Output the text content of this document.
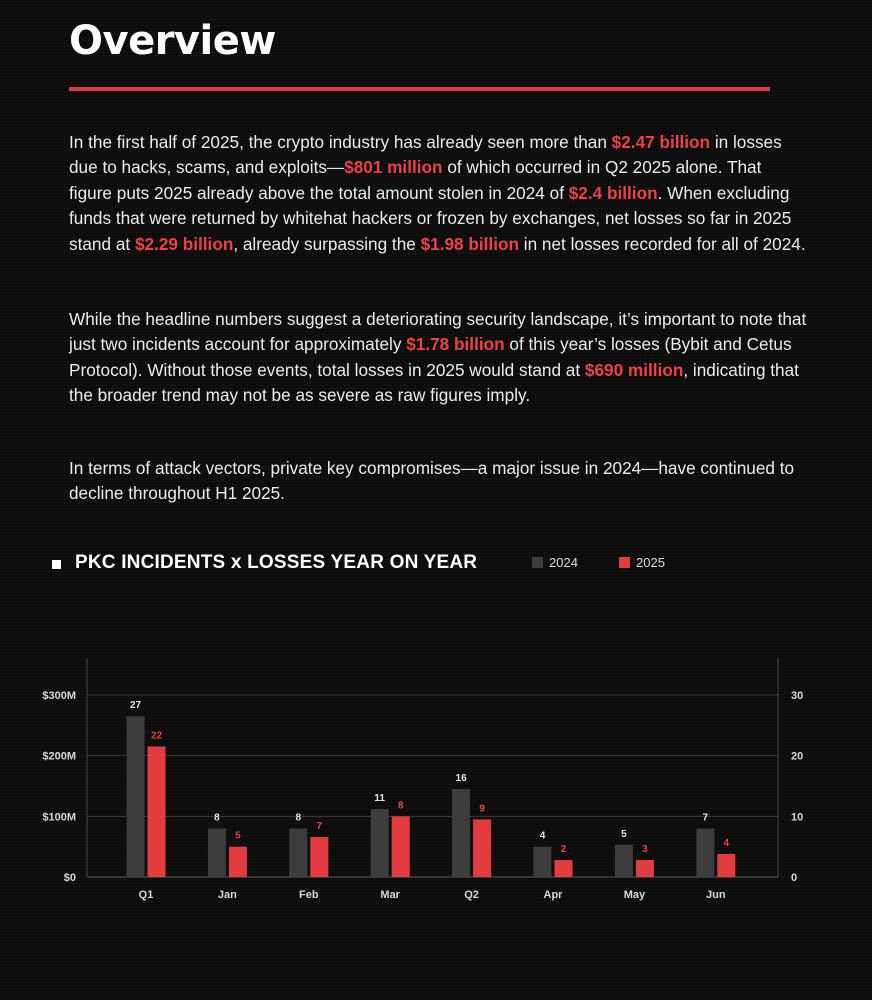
Overview

In the first half of 2025, the crypto industry has already seen more than $2.47 billion in losses due to hacks, scams, and exploits—$801 million of which occurred in Q2 2025 alone. That figure puts 2025 already above the total amount stolen in 2024 of $2.4 billion. When excluding funds that were returned by whitehat hackers or frozen by exchanges, net losses so far in 2025 stand at $2.29 billion, already surpassing the $1.98 billion in net losses recorded for all of 2024.

While the headline numbers suggest a deteriorating security landscape, it’s important to note that just two incidents account for approximately $1.78 billion of this year’s losses (Bybit and Cetus Protocol). Without those events, total losses in 2025 would stand at $690 million, indicating that the broader trend may not be as severe as raw figures imply.

In terms of attack vectors, private key compromises—a major issue in 2024—have continued to decline throughout H1 2025.

PKC INCIDENTS x LOSSES YEAR ON YEAR	2024	2025
$0
$100M
$200M
$300M
0
10
20
30
27
22
Q1
8
5
Jan
8
7
Feb
11
8
Mar
16
9
Q2
4
2
Apr
5
3
May
7
4
Jun
